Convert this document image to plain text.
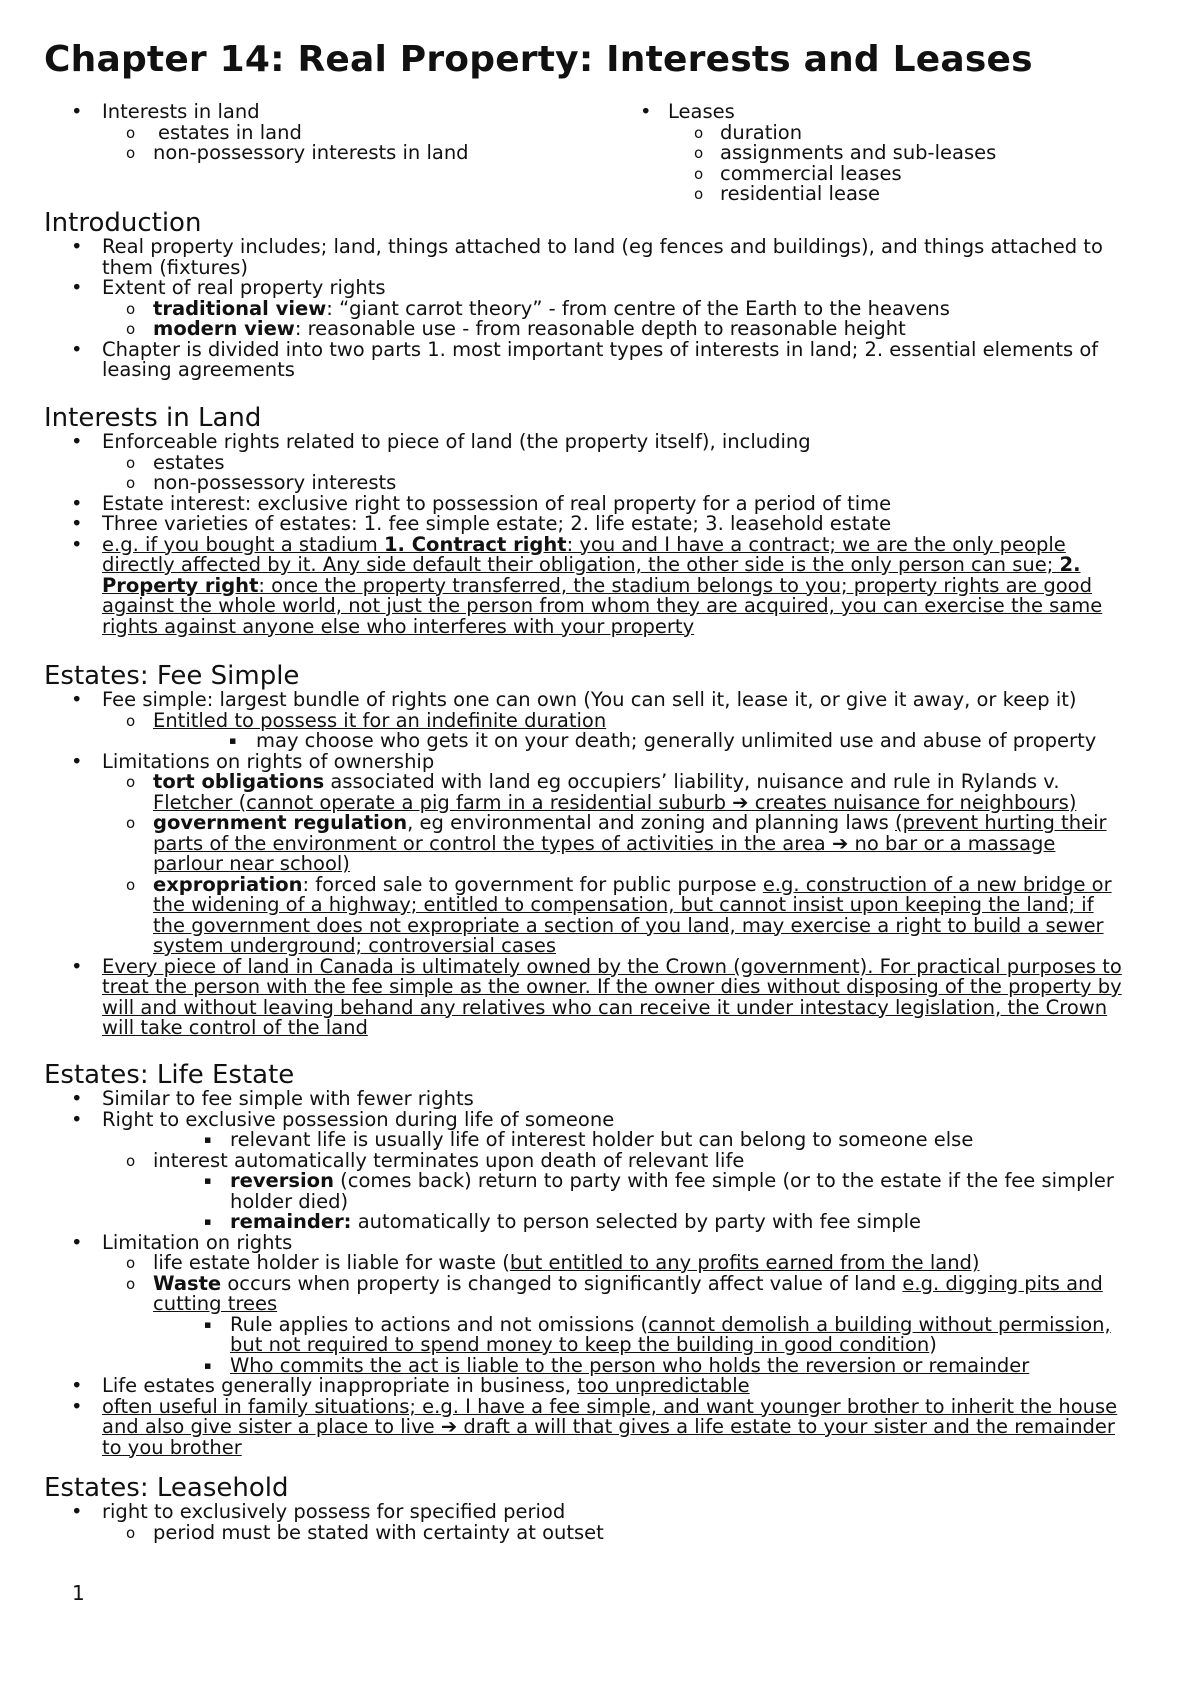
Chapter 14: Real Property: Interests and Leases
• Interests in land
o estates in land
o non-possessory interests in land
• Leases
o duration
o assignments and sub-leases
o commercial leases
o residential lease
Introduction
• Real property includes; land, things attached to land (eg fences and buildings), and things attached to
them (fixtures)
• Extent of real property rights
o traditional view: “giant carrot theory” - from centre of the Earth to the heavens
o modern view: reasonable use - from reasonable depth to reasonable height
• Chapter is divided into two parts 1. most important types of interests in land; 2. essential elements of
leasing agreements
Interests in Land
• Enforceable rights related to piece of land (the property itself), including
o estates
o non-possessory interests
• Estate interest: exclusive right to possession of real property for a period of time
• Three varieties of estates: 1. fee simple estate; 2. life estate; 3. leasehold estate
• e.g. if you bought a stadium 1. Contract right: you and I have a contract; we are the only people
directly affected by it. Any side default their obligation, the other side is the only person can sue; 2.
Property right: once the property transferred, the stadium belongs to you; property rights are good
against the whole world, not just the person from whom they are acquired, you can exercise the same
rights against anyone else who interferes with your property
Estates: Fee Simple
• Fee simple: largest bundle of rights one can own (You can sell it, lease it, or give it away, or keep it)
o Entitled to possess it for an indefinite duration
▪ may choose who gets it on your death; generally unlimited use and abuse of property
• Limitations on rights of ownership
o tort obligations associated with land eg occupiers’ liability, nuisance and rule in Rylands v.
Fletcher (cannot operate a pig farm in a residential suburb ➔ creates nuisance for neighbours)
o government regulation, eg environmental and zoning and planning laws (prevent hurting their
parts of the environment or control the types of activities in the area ➔ no bar or a massage
parlour near school)
o expropriation: forced sale to government for public purpose e.g. construction of a new bridge or
the widening of a highway; entitled to compensation, but cannot insist upon keeping the land; if
the government does not expropriate a section of you land, may exercise a right to build a sewer
system underground; controversial cases
• Every piece of land in Canada is ultimately owned by the Crown (government). For practical purposes to
treat the person with the fee simple as the owner. If the owner dies without disposing of the property by
will and without leaving behand any relatives who can receive it under intestacy legislation, the Crown
will take control of the land
Estates: Life Estate
• Similar to fee simple with fewer rights
• Right to exclusive possession during life of someone
▪ relevant life is usually life of interest holder but can belong to someone else
o interest automatically terminates upon death of relevant life
▪ reversion (comes back) return to party with fee simple (or to the estate if the fee simpler
holder died)
▪ remainder: automatically to person selected by party with fee simple
• Limitation on rights
o life estate holder is liable for waste (but entitled to any profits earned from the land)
o Waste occurs when property is changed to significantly affect value of land e.g. digging pits and
cutting trees
▪ Rule applies to actions and not omissions (cannot demolish a building without permission,
but not required to spend money to keep the building in good condition)
▪ Who commits the act is liable to the person who holds the reversion or remainder
• Life estates generally inappropriate in business, too unpredictable
• often useful in family situations; e.g. I have a fee simple, and want younger brother to inherit the house
and also give sister a place to live ➔ draft a will that gives a life estate to your sister and the remainder
to you brother
Estates: Leasehold
• right to exclusively possess for specified period
o period must be stated with certainty at outset
1
